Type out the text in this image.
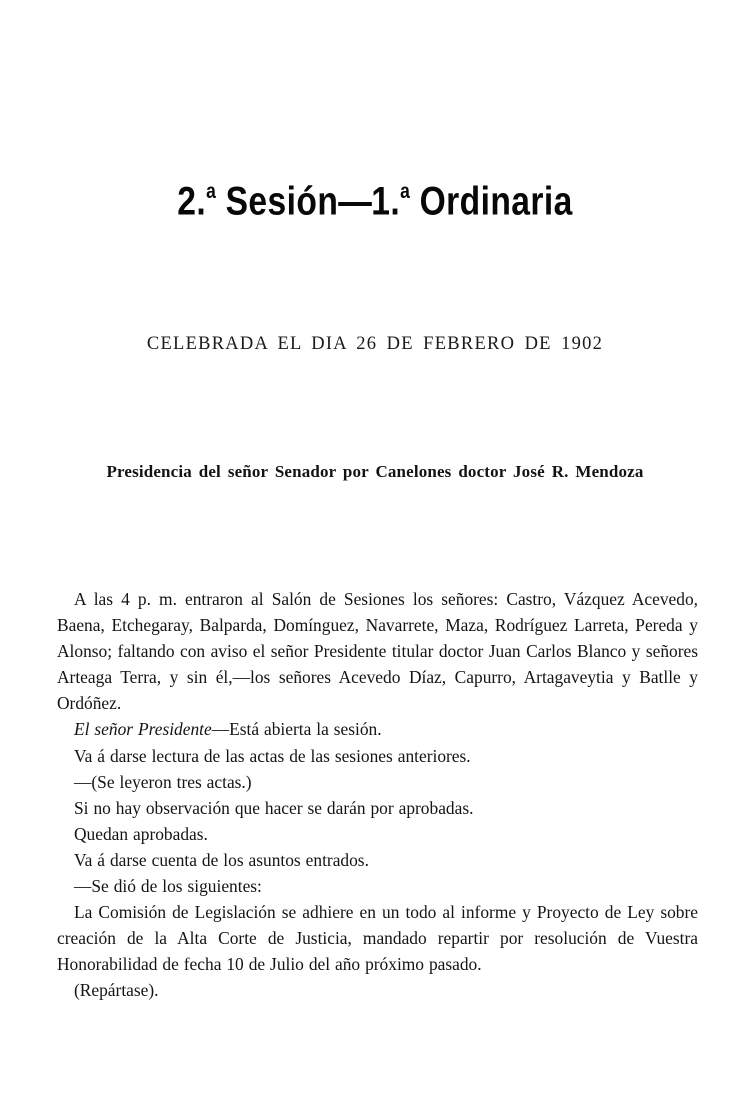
2.$^a$ Sesión—1.$^a$ Ordinaria
CELEBRADA EL DIA 26 DE FEBRERO DE 1902
Presidencia del señor Senador por Canelones doctor José R. Mendoza

A las 4 p. m. entraron al Salón de Sesiones los señores: Castro, Vázquez Acevedo, Baena, Etchegaray, Balparda, Domínguez, Navarrete, Maza, Rodríguez Larreta, Pereda y Alonso; faltando con aviso el señor Presidente titular doctor Juan Carlos Blanco y señores Arteaga Terra, y sin él,—los señores Acevedo Díaz, Capurro, Artagaveytia y Batlle y Ordóñez.

El señor Presidente—Está abierta la sesión.

Va á darse lectura de las actas de las sesiones anteriores.

—(Se leyeron tres actas.)

Si no hay observación que hacer se darán por aprobadas.

Quedan aprobadas.

Va á darse cuenta de los asuntos entrados.

—Se dió de los siguientes:

La Comisión de Legislación se adhiere en un todo al informe y Proyecto de Ley sobre creación de la Alta Corte de Justicia, mandado repartir por resolución de Vuestra Honorabilidad de fecha 10 de Julio del año próximo pasado.

(Repártase).
